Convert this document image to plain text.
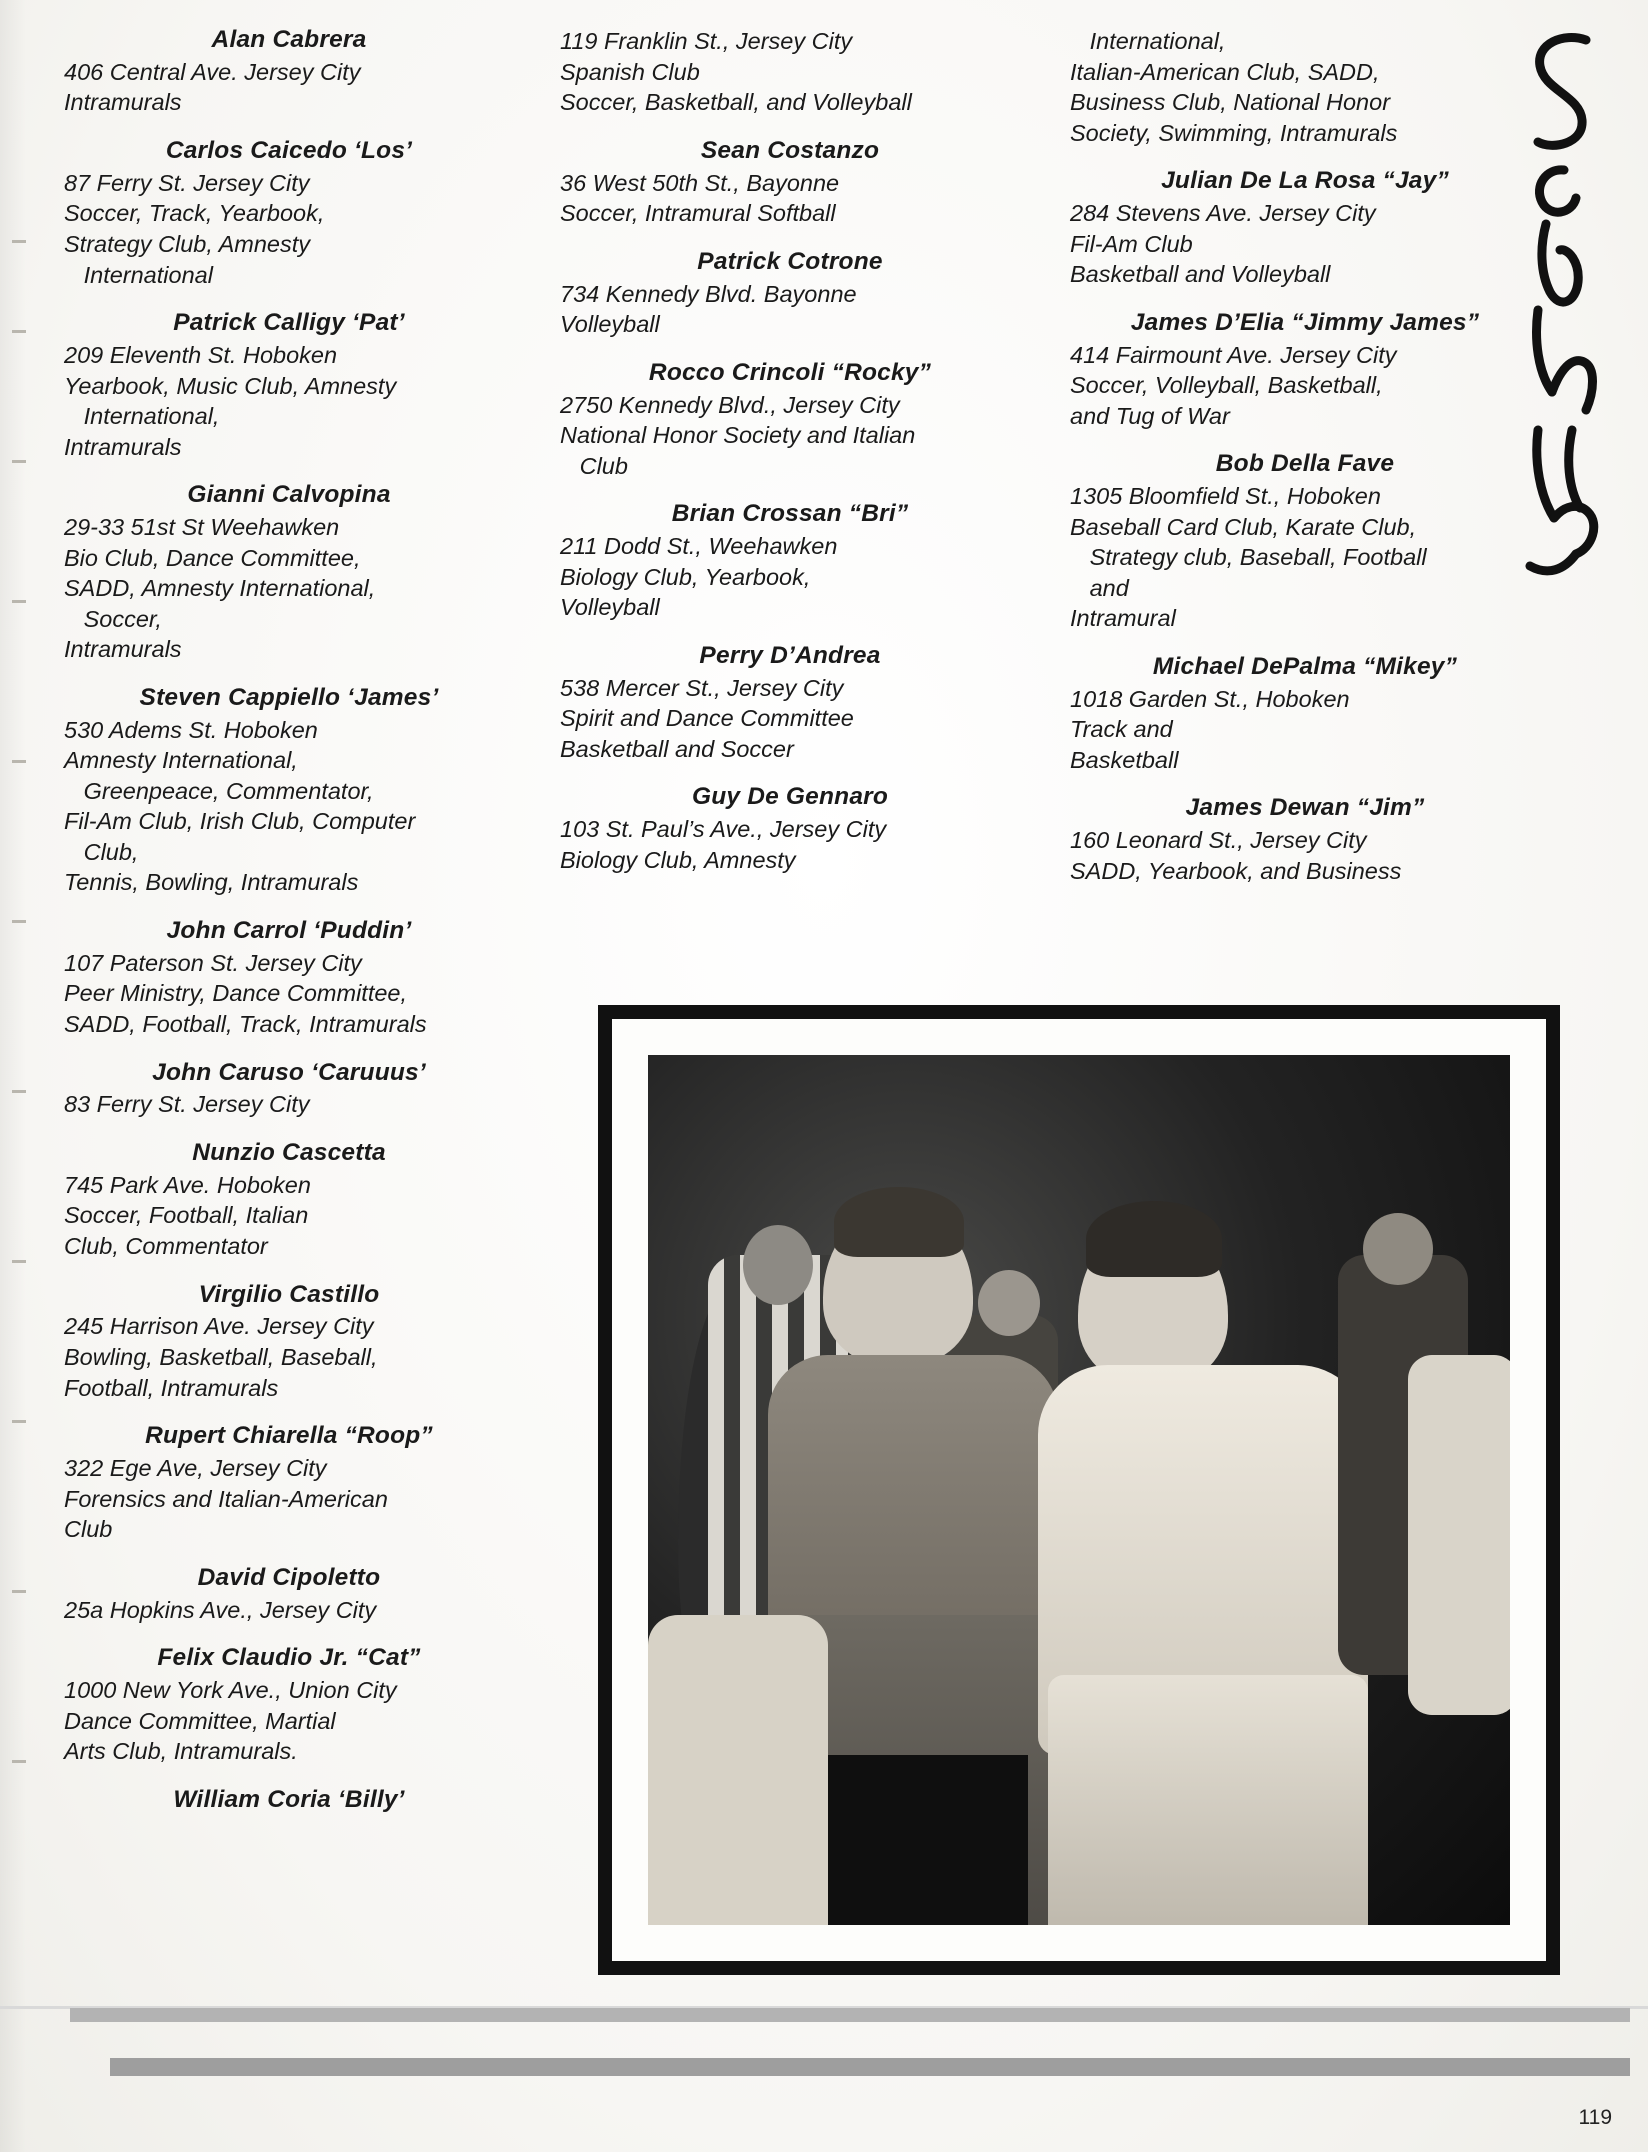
Alan Cabrera
406 Central Ave. Jersey City
Intramurals
Carlos Caicedo ‘Los’
87 Ferry St. Jersey City
Soccer, Track, Yearbook,
Strategy Club, Amnesty
International
Patrick Calligy ‘Pat’
209 Eleventh St. Hoboken
Yearbook, Music Club, Amnesty
International,
Intramurals
Gianni Calvopina
29-33 51st St Weehawken
Bio Club, Dance Committee,
SADD, Amnesty International,
Soccer,
Intramurals
Steven Cappiello ‘James’
530 Adems St. Hoboken
Amnesty International,
Greenpeace, Commentator,
Fil-Am Club, Irish Club, Computer
Club,
Tennis, Bowling, Intramurals
John Carrol ‘Puddin’
107 Paterson St. Jersey City
Peer Ministry, Dance Committee,
SADD, Football, Track, Intramurals
John Caruso ‘Caruuus’
83 Ferry St. Jersey City
Nunzio Cascetta
745 Park Ave. Hoboken
Soccer, Football, Italian
Club, Commentator
Virgilio Castillo
245 Harrison Ave. Jersey City
Bowling, Basketball, Baseball,
Football, Intramurals
Rupert Chiarella “Roop”
322 Ege Ave, Jersey City
Forensics and Italian-American
Club
David Cipoletto
25a Hopkins Ave., Jersey City
Felix Claudio Jr. “Cat”
1000 New York Ave., Union City
Dance Committee, Martial
Arts Club, Intramurals.
William Coria ‘Billy’
119 Franklin St., Jersey City
Spanish Club
Soccer, Basketball, and Volleyball
Sean Costanzo
36 West 50th St., Bayonne
Soccer, Intramural Softball
Patrick Cotrone
734 Kennedy Blvd. Bayonne
Volleyball
Rocco Crincoli “Rocky”
2750 Kennedy Blvd., Jersey City
National Honor Society and Italian
Club
Brian Crossan “Bri”
211 Dodd St., Weehawken
Biology Club, Yearbook,
Volleyball
Perry D’Andrea
538 Mercer St., Jersey City
Spirit and Dance Committee
Basketball and Soccer
Guy De Gennaro
103 St. Paul’s Ave., Jersey City
Biology Club, Amnesty
International,
Italian-American Club, SADD,
Business Club, National Honor
Society, Swimming, Intramurals
Julian De La Rosa “Jay”
284 Stevens Ave. Jersey City
Fil-Am Club
Basketball and Volleyball
James D’Elia “Jimmy James”
414 Fairmount Ave. Jersey City
Soccer, Volleyball, Basketball,
and Tug of War
Bob Della Fave
1305 Bloomfield St., Hoboken
Baseball Card Club, Karate Club,
Strategy club, Baseball, Football
and
Intramural
Michael DePalma “Mikey”
1018 Garden St., Hoboken
Track and
Basketball
James Dewan “Jim”
160 Leonard St., Jersey City
SADD, Yearbook, and Business
119
